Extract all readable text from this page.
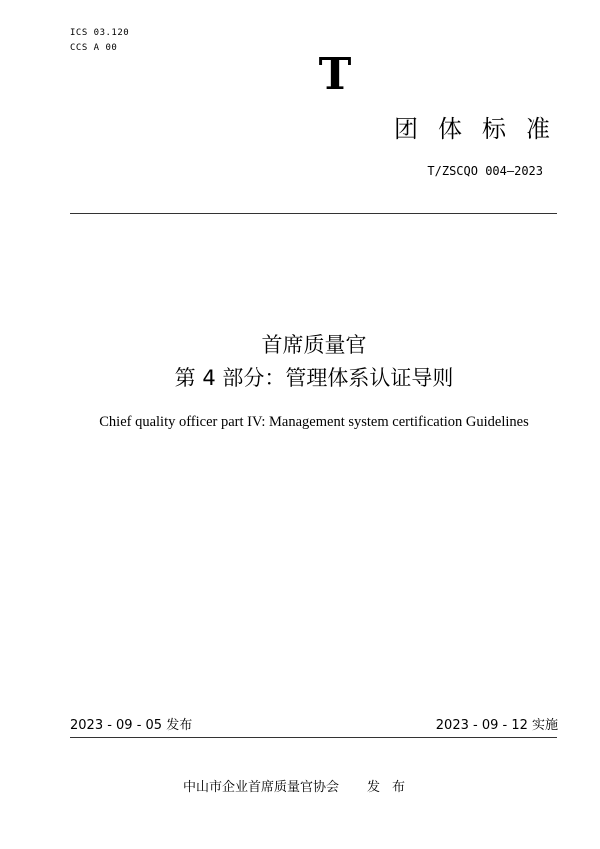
ICS 03.120
CCS A 00
T
团体标准
T/ZSCQO 004—2023
首席质量官
第 4 部分：管理体系认证导则
Chief quality officer part IV: Management system certification Guidelines
2023 - 09 - 05 发布	2023 - 09 - 12 实施
中山市企业首席质量官协会 发布
